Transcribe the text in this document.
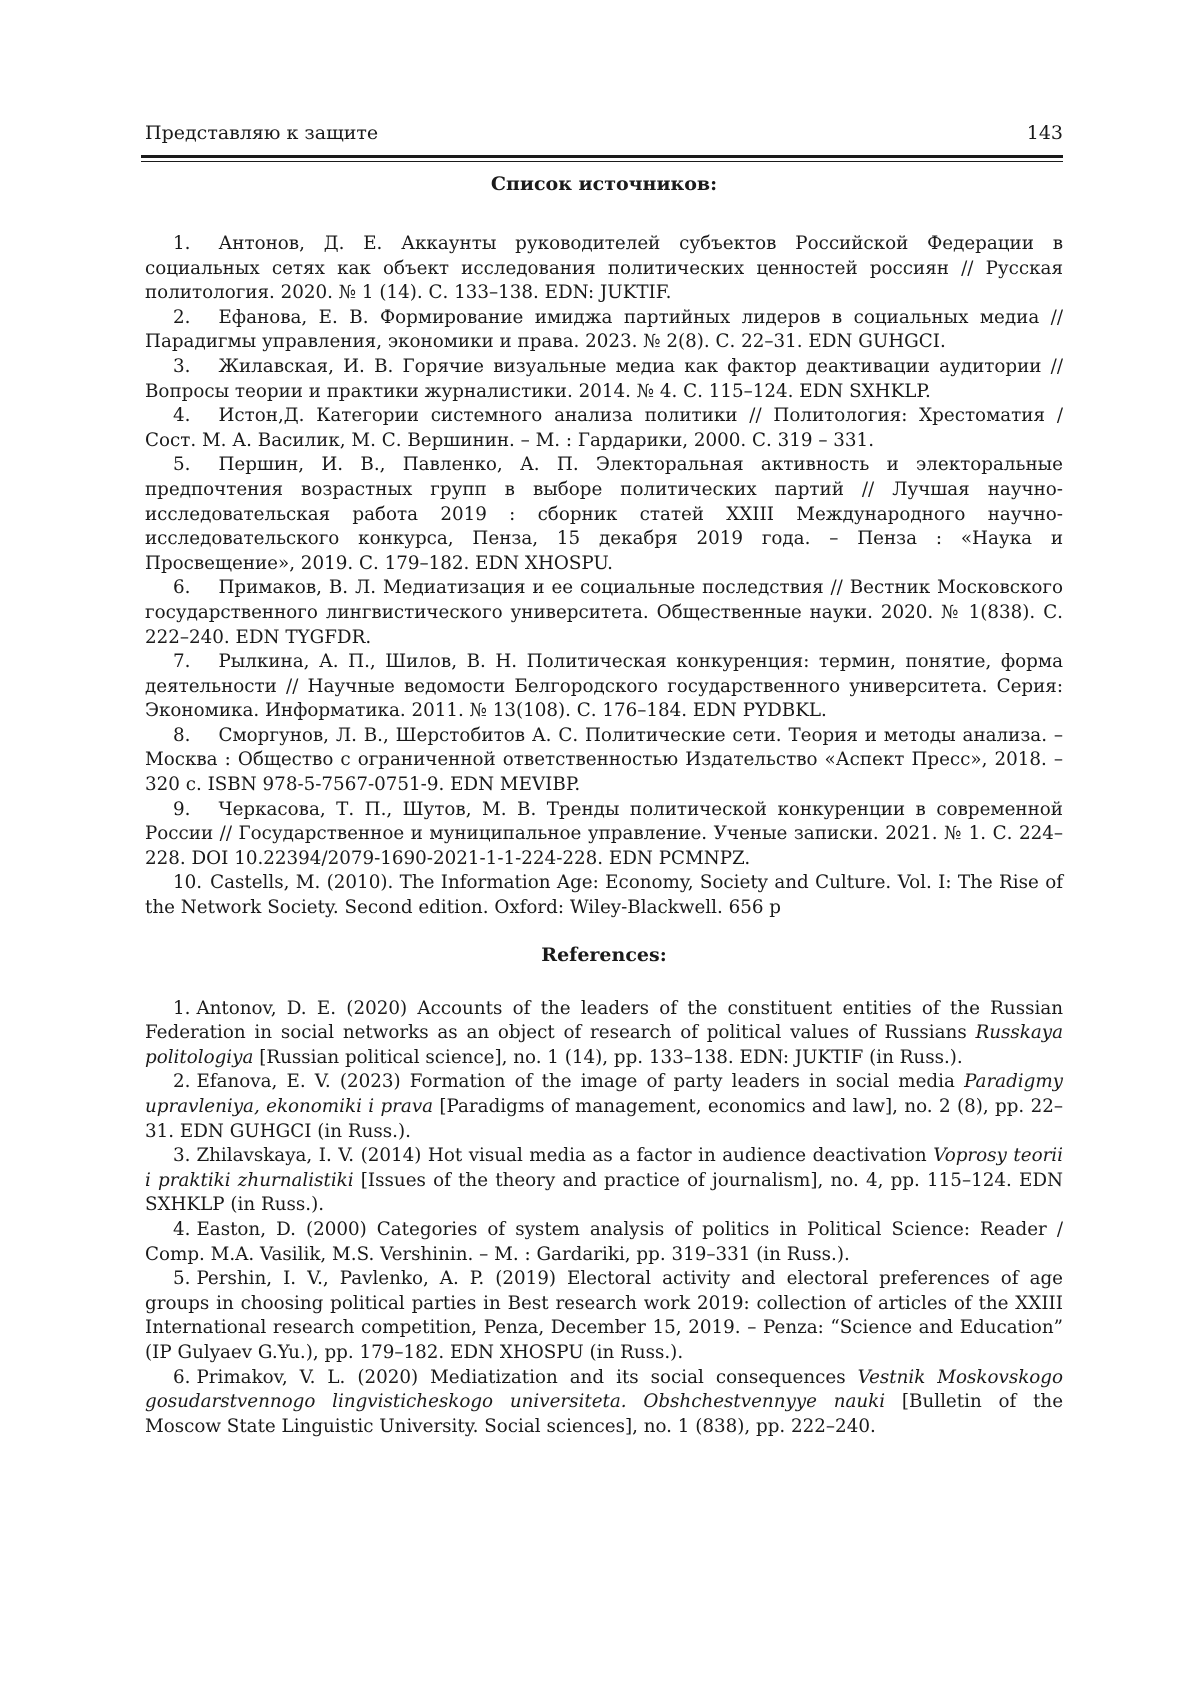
Представляю к защите	143
Список источников:

1. Антонов, Д. Е. Аккаунты руководителей субъектов Российской Федерации в социальных сетях как объект исследования политических ценностей россиян // Русская политология. 2020. № 1 (14). С. 133–138. EDN: JUKTIF.

2. Ефанова, Е. В. Формирование имиджа партийных лидеров в социальных медиа // Парадигмы управления, экономики и права. 2023. № 2(8). С. 22–31. EDN GUHGCI.

3. Жилавская, И. В. Горячие визуальные медиа как фактор деактивации аудитории // Вопросы теории и практики журналистики. 2014. № 4. С. 115–124. EDN SXHKLP.

4. Истон,Д. Категории системного анализа политики // Политология: Хрестоматия / Сост. М. А. Василик, М. С. Вершинин. – М. : Гардарики, 2000. С. 319 – 331.

5. Першин, И. В., Павленко, А. П. Электоральная активность и электоральные предпочтения возрастных групп в выборе политических партий // Лучшая научно-исследовательская работа 2019 : сборник статей XXIII Международного научно-исследовательского конкурса, Пенза, 15 декабря 2019 года. – Пенза : «Наука и Просвещение», 2019. С. 179–182. EDN XHOSPU.

6. Примаков, В. Л. Медиатизация и ее социальные последствия // Вестник Московского государственного лингвистического университета. Общественные науки. 2020. № 1(838). С. 222–240. EDN TYGFDR.

7. Рылкина, А. П., Шилов, В. Н. Политическая конкуренция: термин, понятие, форма деятельности // Научные ведомости Белгородского государственного университета. Серия: Экономика. Информатика. 2011. № 13(108). С. 176–184. EDN PYDBKL.

8. Сморгунов, Л. В., Шерстобитов А. С. Политические сети. Теория и методы анализа. – Москва : Общество с ограниченной ответственностью Издательство «Аспект Пресс», 2018. – 320 с. ISBN 978-5-7567-0751-9. EDN MEVIBP.

9. Черкасова, Т. П., Шутов, М. В. Тренды политической конкуренции в современной России // Государственное и муниципальное управление. Ученые записки. 2021. № 1. С. 224–228. DOI 10.22394/2079-1690-2021-1-1-224-228. EDN PCMNPZ.

10. Castells, M. (2010). The Information Age: Economy, Society and Culture. Vol. I: The Rise of the Network Society. Second edition. Oxford: Wiley-Blackwell. 656 p

References:

1. Antonov, D. E. (2020) Accounts of the leaders of the constituent entities of the Russian Federation in social networks as an object of research of political values of Russians Russkaya politologiya [Russian political science], no. 1 (14), pp. 133–138. EDN: JUKTIF (in Russ.).

2. Efanova, E. V. (2023) Formation of the image of party leaders in social media Paradigmy upravleniya, ekonomiki i prava [Paradigms of management, economics and law], no. 2 (8), pp. 22–31. EDN GUHGCI (in Russ.).

3. Zhilavskaya, I. V. (2014) Hot visual media as a factor in audience deactivation Voprosy teorii i praktiki zhurnalistiki [Issues of the theory and practice of journalism], no. 4, pp. 115–124. EDN SXHKLP (in Russ.).

4. Easton, D. (2000) Categories of system analysis of politics in Political Science: Reader / Comp. M.A. Vasilik, M.S. Vershinin. – M. : Gardariki, pp. 319–331 (in Russ.).

5. Pershin, I. V., Pavlenko, A. P. (2019) Electoral activity and electoral preferences of age groups in choosing political parties in Best research work 2019: collection of articles of the XXIII International research competition, Penza, December 15, 2019. – Penza: “Science and Education” (IP Gulyaev G.Yu.), pp. 179–182. EDN XHOSPU (in Russ.).

6. Primakov, V. L. (2020) Mediatization and its social consequences Vestnik Moskovskogo gosudarstvennogo lingvisticheskogo universiteta. Obshchestvennyye nauki [Bulletin of the Moscow State Linguistic University. Social sciences], no. 1 (838), pp. 222–240.
